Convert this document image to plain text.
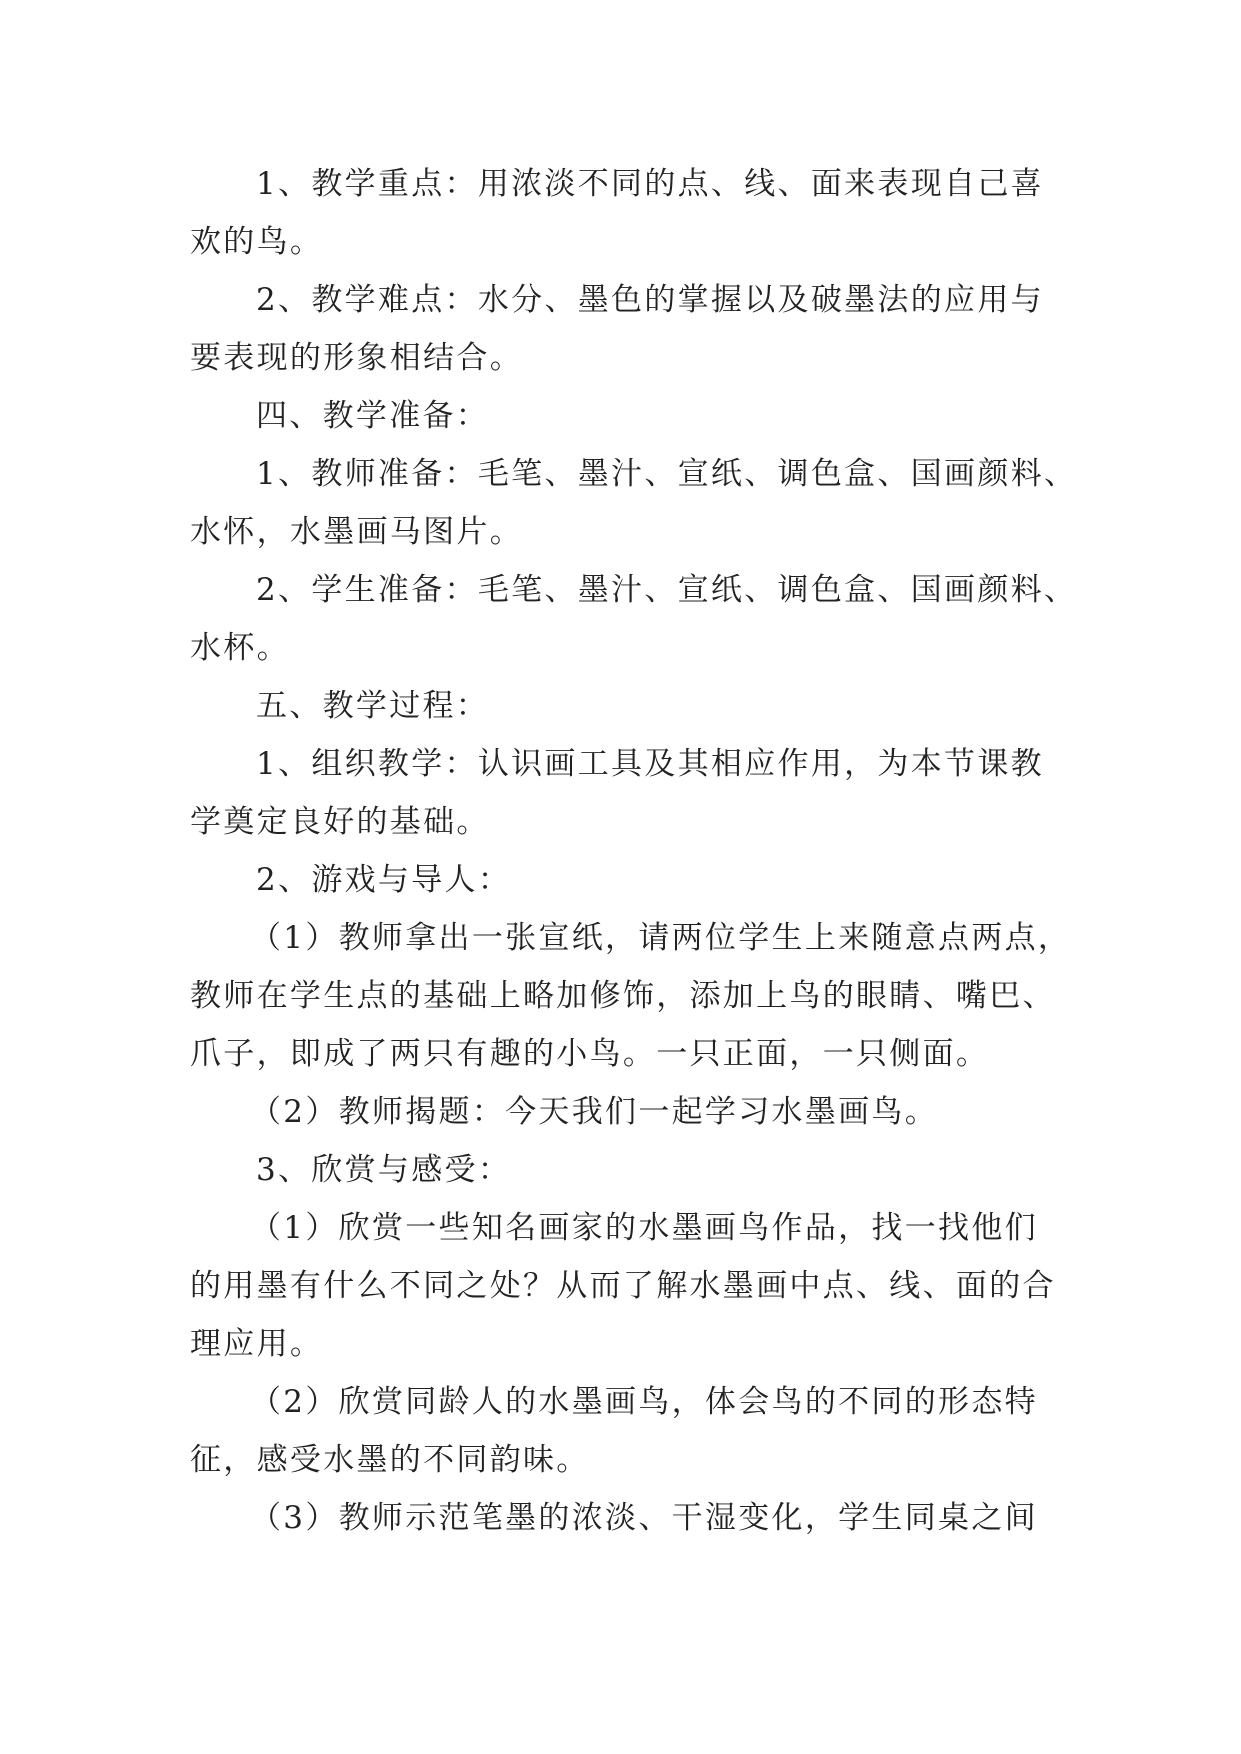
1、教学重点：用浓淡不同的点、线、面来表现自己喜
欢的鸟。

2、教学难点：水分、墨色的掌握以及破墨法的应用与
要表现的形象相结合。

四、教学准备：

1、教师准备：毛笔、墨汁、宣纸、调色盒、国画颜料、
水怀，水墨画马图片。

2、学生准备：毛笔、墨汁、宣纸、调色盒、国画颜料、
水杯。

五、教学过程：

1、组织教学：认识画工具及其相应作用，为本节课教
学奠定良好的基础。

2、游戏与导人：

（1）教师拿出一张宣纸，请两位学生上来随意点两点，
教师在学生点的基础上略加修饰，添加上鸟的眼睛、嘴巴、
爪子，即成了两只有趣的小鸟。一只正面，一只侧面。

（2）教师揭题：今天我们一起学习水墨画鸟。

3、欣赏与感受：

（1）欣赏一些知名画家的水墨画鸟作品，找一找他们
的用墨有什么不同之处？从而了解水墨画中点、线、面的合
理应用。

（2）欣赏同龄人的水墨画鸟，体会鸟的不同的形态特
征，感受水墨的不同韵味。

（3）教师示范笔墨的浓淡、干湿变化，学生同桌之间
